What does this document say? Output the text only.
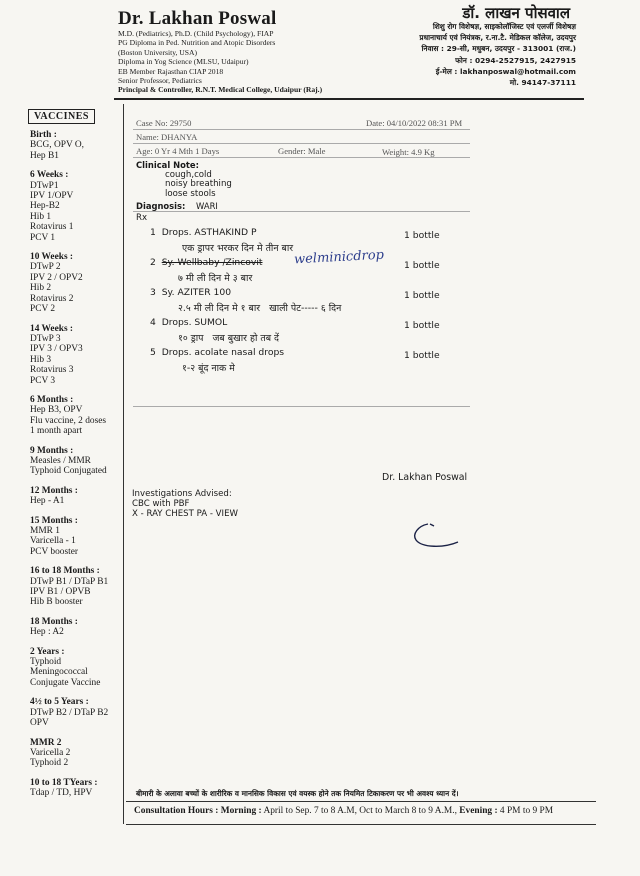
Dr. Lakhan Poswal
M.D. (Pediatrics), Ph.D. (Child Psychology), FIAP
PG Diploma in Ped. Nutrition and Atopic Disorders
(Boston University, USA)
Diploma in Yog Science (MLSU, Udaipur)
EB Member Rajasthan CIAP 2018
Senior Professor, Pediatrics
Principal & Controller, R.N.T. Medical College, Udaipur (Raj.)
डॉ. लाखन पोसवाल
शिशु रोग विशेषज्ञ, साइकोलॉजिस्ट एवं एलर्जी विशेषज्ञ
प्रधानाचार्य एवं नियंत्रक, र.ना.टै. मेडिकल कॉलेज, उदयपुर
निवास : 29-सी, मधुबन, उदयपुर - 313001 (राज.)
फोन : 0294-2527915, 2427915
ई-मेल : lakhanposwal@hotmail.com
मो. 94147-37111
VACCINES
Birth :
BCG, OPV O,
Hep B1
6 Weeks :
DTwP1
IPV 1/OPV
Hep-B2
Hib 1
Rotavirus 1
PCV 1
10 Weeks :
DTwP 2
IPV 2 / OPV2
Hib 2
Rotavirus 2
PCV 2
14 Weeks :
DTwP 3
IPV 3 / OPV3
Hib 3
Rotavirus 3
PCV 3
6 Months :
Hep B3, OPV
Flu vaccine, 2 doses
1 month apart
9 Months :
Measles / MMR
Typhoid Conjugated
12 Months :
Hep - A1
15 Months :
MMR 1
Varicella - 1
PCV booster
16 to 18 Months :
DTwP B1 / DTaP B1
IPV B1 / OPVB
Hib B booster
18 Months :
Hep : A2
2 Years :
Typhoid
Meningococcal
Conjugate Vaccine
4½ to 5 Years :
DTwP B2 / DTaP B2
OPV
MMR 2
Varicella 2
Typhoid 2
10 to 18 TYears :
Tdap / TD, HPV
Case No: 29750	Date: 04/10/2022 08:31 PM
Name: DHANYA
Age: 0 Yr 4 Mth 1 Days	Gender: Male	Weight: 4.9 Kg
Clinical Note:
cough,cold
noisy breathing
loose stools
Diagnosis: WARI
Rx
1 Drops. ASTHAKIND P	1 bottle
एक ड्रापर भरकर दिन मे तीन बार
2 Sy. Wellbaby /Zincovit welminicdrop 1 bottle
७ मी ली दिन मे ३ बार
3 Sy. AZITER 100	1 bottle
२.५ मी ली दिन मे १ बार   खाली पेट----- ६ दिन
4 Drops. SUMOL	1 bottle
१० ड्राप   जब बुखार हो तब दें
5 Drops. acolate nasal drops	1 bottle
१-२ बूंद नाक मे
Dr. Lakhan Poswal
Investigations Advised:
CBC with PBF
X - RAY CHEST PA - VIEW
बीमारी के अलावा बच्चों के शारीरिक व मानसिक विकास एवं वयस्क होने तक नियमित टिकाकरण पर भी अवश्य ध्यान दें।
Consultation Hours : Morning : April to Sep. 7 to 8 A.M, Oct to March 8 to 9 A.M., Evening : 4 PM to 9 PM
